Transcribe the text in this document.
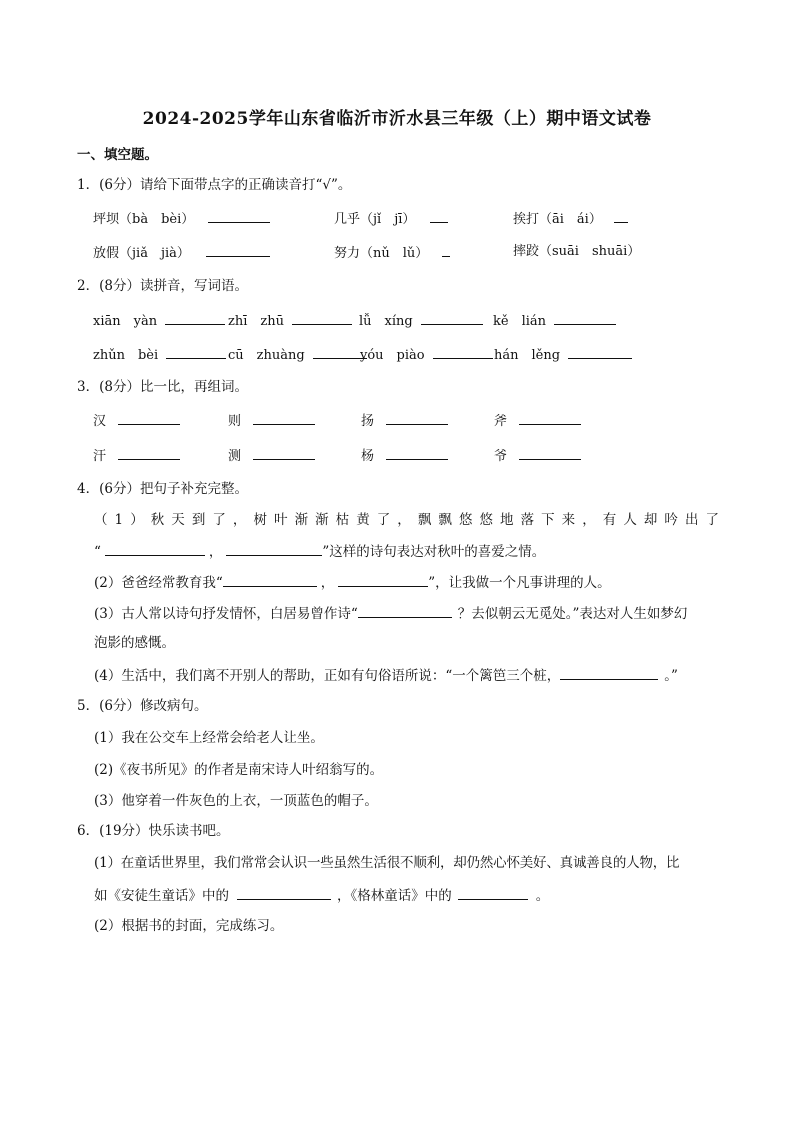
2024-2025学年山东省临沂市沂水县三年级（上）期中语文试卷
一、填空题。
1．(6分）请给下面带点字的正确读音打“√”。
坪坝（bà　bèi）	几乎（jǐ　jī）	挨打（āi　ái）
放假（jiǎ　jià）	努力（nǔ　lǔ）	摔跤（suāi　shuāi）
2．(8分）读拼音，写词语。
xiān　yàn	zhī　zhū	lǚ　xíng	kě　lián
zhǔn　bèi	cū　zhuàng	yóu　piào	hán　lěng
3．(8分）比一比，再组词。
汉	则	扬	斧
汗	测	杨	爷
4．(6分）把句子补充完整。
（ 1 ） 秋 天 到 了 ， 树 叶 渐 渐 枯 黄 了 ， 飘 飘 悠 悠 地 落 下 来 ， 有 人 却 吟 出 了
“	，	”这样的诗句表达对秋叶的喜爱之情。
(2）爸爸经常教育我“	，	”，让我做一个凡事讲理的人。
(3）古人常以诗句抒发情怀，白居易曾作诗“	？去似朝云无觅处。”表达对人生如梦幻
泡影的感慨。
(4）生活中，我们离不开别人的帮助，正如有句俗语所说：“一个篱笆三个桩，	。”
5．(6分）修改病句。
(1）我在公交车上经常会给老人让坐。
(2)《夜书所见》的作者是南宋诗人叶绍翁写的。
(3）他穿着一件灰色的上衣，一顶蓝色的帽子。
6．(19分）快乐读书吧。
(1）在童话世界里，我们常常会认识一些虽然生活很不顺利，却仍然心怀美好、真诚善良的人物，比
如《安徒生童话》中的	，《格林童话》中的	。
(2）根据书的封面，完成练习。
